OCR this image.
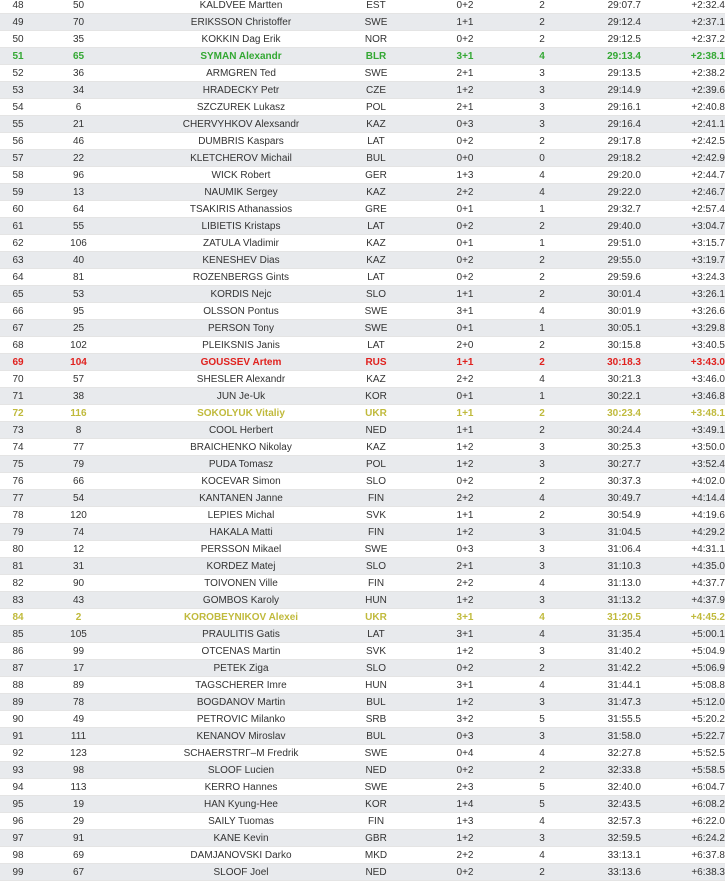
48	50	KALDVEE Martten	EST		0+2	2	29:07.7	+2:32.4
49	70	ERIKSSON Christoffer	SWE		1+1	2	29:12.4	+2:37.1
50	35	KOKKIN Dag Erik	NOR		0+2	2	29:12.5	+2:37.2
51	65	SYMAN Alexandr	BLR		3+1	4	29:13.4	+2:38.1
52	36	ARMGREN Ted	SWE		2+1	3	29:13.5	+2:38.2
53	34	HRADECKY Petr	CZE		1+2	3	29:14.9	+2:39.6
54	6	SZCZUREK Lukasz	POL		2+1	3	29:16.1	+2:40.8
55	21	CHERVYHKOV Alexsandr	KAZ		0+3	3	29:16.4	+2:41.1
56	46	DUMBRIS Kaspars	LAT		0+2	2	29:17.8	+2:42.5
57	22	KLETCHEROV Michail	BUL		0+0	0	29:18.2	+2:42.9
58	96	WICK Robert	GER		1+3	4	29:20.0	+2:44.7
59	13	NAUMIK Sergey	KAZ		2+2	4	29:22.0	+2:46.7
60	64	TSAKIRIS Athanassios	GRE		0+1	1	29:32.7	+2:57.4
61	55	LIBIETIS Kristaps	LAT		0+2	2	29:40.0	+3:04.7
62	106	ZATULA Vladimir	KAZ		0+1	1	29:51.0	+3:15.7
63	40	KENESHEV Dias	KAZ		0+2	2	29:55.0	+3:19.7
64	81	ROZENBERGS Gints	LAT		0+2	2	29:59.6	+3:24.3
65	53	KORDIS Nejc	SLO		1+1	2	30:01.4	+3:26.1
66	95	OLSSON Pontus	SWE		3+1	4	30:01.9	+3:26.6
67	25	PERSON Tony	SWE		0+1	1	30:05.1	+3:29.8
68	102	PLEIKSNIS Janis	LAT		2+0	2	30:15.8	+3:40.5
69	104	GOUSSEV Artem	RUS		1+1	2	30:18.3	+3:43.0
70	57	SHESLER Alexandr	KAZ		2+2	4	30:21.3	+3:46.0
71	38	JUN Je-Uk	KOR		0+1	1	30:22.1	+3:46.8
72	116	SOKOLYUK Vitaliy	UKR		1+1	2	30:23.4	+3:48.1
73	8	COOL Herbert	NED		1+1	2	30:24.4	+3:49.1
74	77	BRAICHENKO Nikolay	KAZ		1+2	3	30:25.3	+3:50.0
75	79	PUDA Tomasz	POL		1+2	3	30:27.7	+3:52.4
76	66	KOCEVAR Simon	SLO		0+2	2	30:37.3	+4:02.0
77	54	KANTANEN Janne	FIN		2+2	4	30:49.7	+4:14.4
78	120	LEPIES Michal	SVK		1+1	2	30:54.9	+4:19.6
79	74	HAKALA Matti	FIN		1+2	3	31:04.5	+4:29.2
80	12	PERSSON Mikael	SWE		0+3	3	31:06.4	+4:31.1
81	31	KORDEZ Matej	SLO		2+1	3	31:10.3	+4:35.0
82	90	TOIVONEN Ville	FIN		2+2	4	31:13.0	+4:37.7
83	43	GOMBOS Karoly	HUN		1+2	3	31:13.2	+4:37.9
84	2	KOROBEYNIKOV Alexei	UKR		3+1	4	31:20.5	+4:45.2
85	105	PRAULITIS Gatis	LAT		3+1	4	31:35.4	+5:00.1
86	99	OTCENAS Martin	SVK		1+2	3	31:40.2	+5:04.9
87	17	PETEK Ziga	SLO		0+2	2	31:42.2	+5:06.9
88	89	TAGSCHERER Imre	HUN		3+1	4	31:44.1	+5:08.8
89	78	BOGDANOV Martin	BUL		1+2	3	31:47.3	+5:12.0
90	49	PETROVIC Milanko	SRB		3+2	5	31:55.5	+5:20.2
91	111	KENANOV Miroslav	BUL		0+3	3	31:58.0	+5:22.7
92	123	SCHAERSTRГ–M Fredrik	SWE		0+4	4	32:27.8	+5:52.5
93	98	SLOOF Lucien	NED		0+2	2	32:33.8	+5:58.5
94	113	KERRO Hannes	SWE		2+3	5	32:40.0	+6:04.7
95	19	HAN Kyung-Hee	KOR		1+4	5	32:43.5	+6:08.2
96	29	SAILY Tuomas	FIN		1+3	4	32:57.3	+6:22.0
97	91	KANE Kevin	GBR		1+2	3	32:59.5	+6:24.2
98	69	DAMJANOVSKI Darko	MKD		2+2	4	33:13.1	+6:37.8
99	67	SLOOF Joel	NED		0+2	2	33:13.6	+6:38.3
